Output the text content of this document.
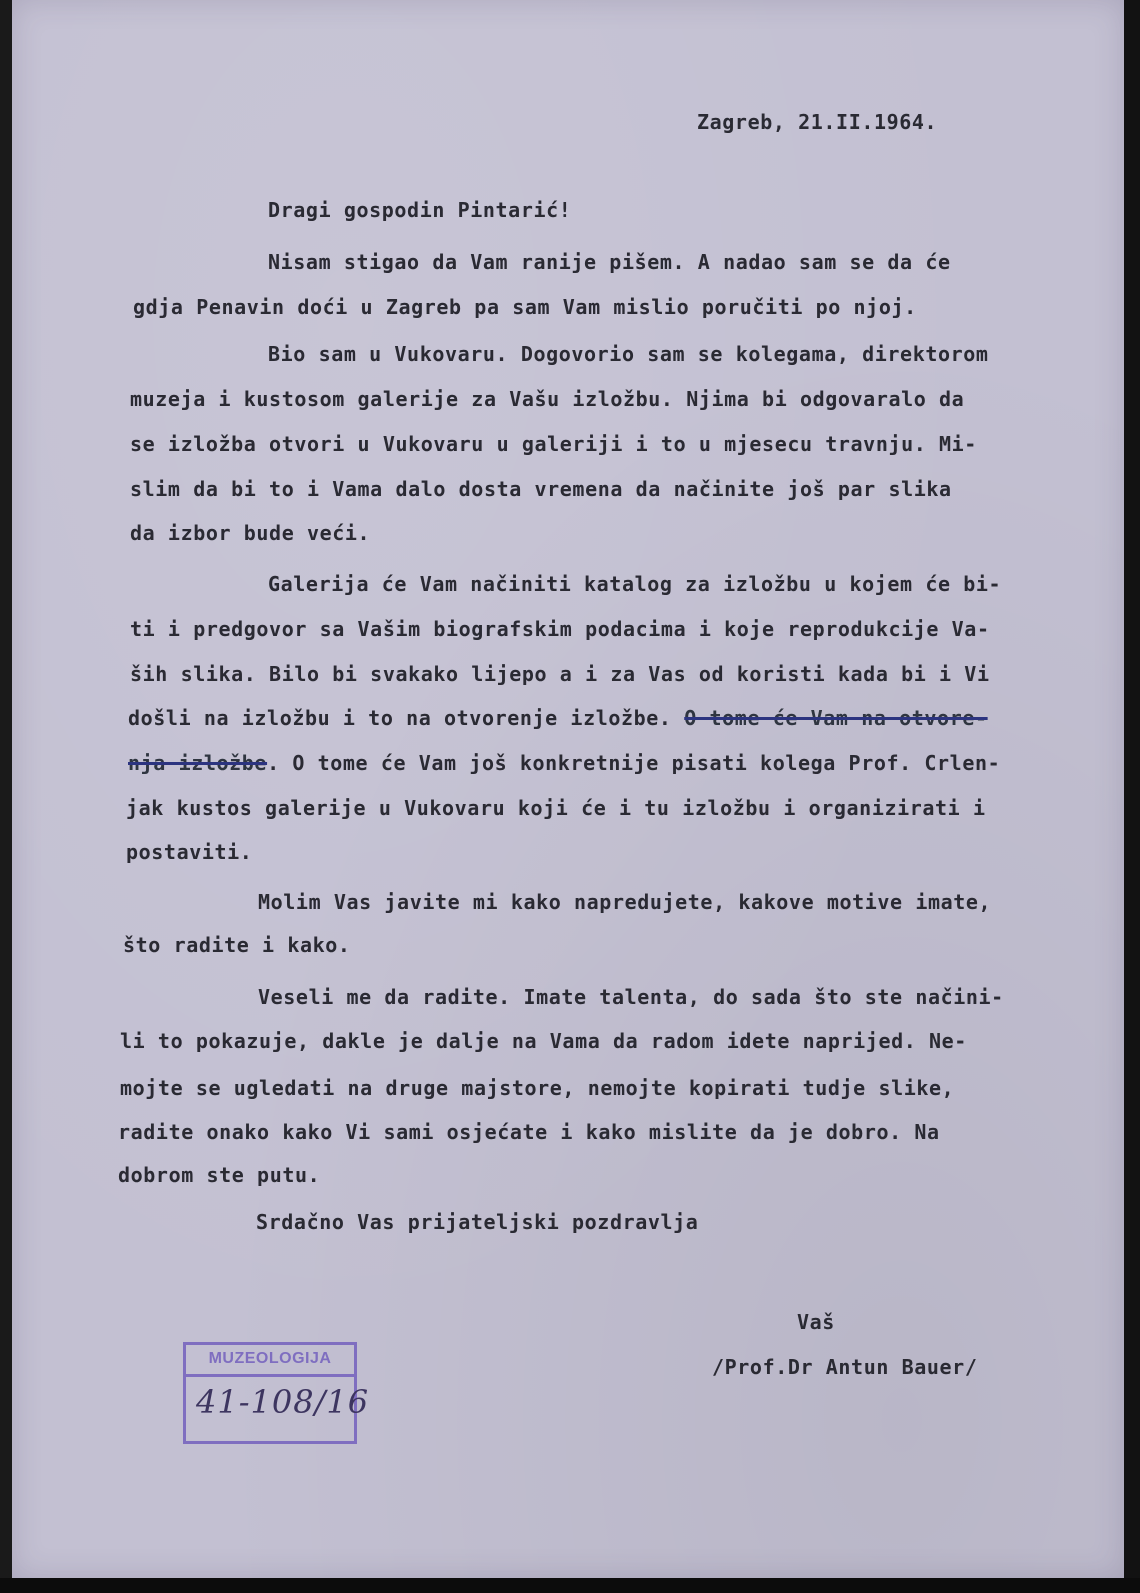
Zagreb, 21.II.1964.
Dragi gospodin Pintarić!
Nisam stigao da Vam ranije pišem. A nadao sam se da će
gdja Penavin doći u Zagreb pa sam Vam mislio poručiti po njoj.
Bio sam u Vukovaru. Dogovorio sam se kolegama, direktorom
muzeja i kustosom galerije za Vašu izložbu. Njima bi odgovaralo da
se izložba otvori u Vukovaru u galeriji i to u mjesecu travnju. Mi-
slim da bi to i Vama dalo dosta vremena da načinite još par slika
da izbor bude veći.
Galerija će Vam načiniti katalog za izložbu u kojem će bi-
ti i predgovor sa Vašim biografskim podacima i koje reprodukcije Va-
ših slika. Bilo bi svakako lijepo a i za Vas od koristi kada bi i Vi
došli na izložbu i to na otvorenje izložbe. O tome će Vam na otvore-
nja izložbe. O tome će Vam još konkretnije pisati kolega Prof. Crlen-
jak kustos galerije u Vukovaru koji će i tu izložbu i organizirati i
postaviti.
Molim Vas javite mi kako napredujete, kakove motive imate,
što radite i kako.
Veseli me da radite. Imate talenta, do sada što ste načini-
li to pokazuje, dakle je dalje na Vama da radom idete naprijed. Ne-
mojte se ugledati na druge majstore, nemojte kopirati tudje slike,
radite onako kako Vi sami osjećate i kako mislite da je dobro. Na
dobrom ste putu.
Srdačno Vas prijateljski pozdravlja
Vaš
/Prof.Dr Antun Bauer/
MUZEOLOGIJA
41-108/16
